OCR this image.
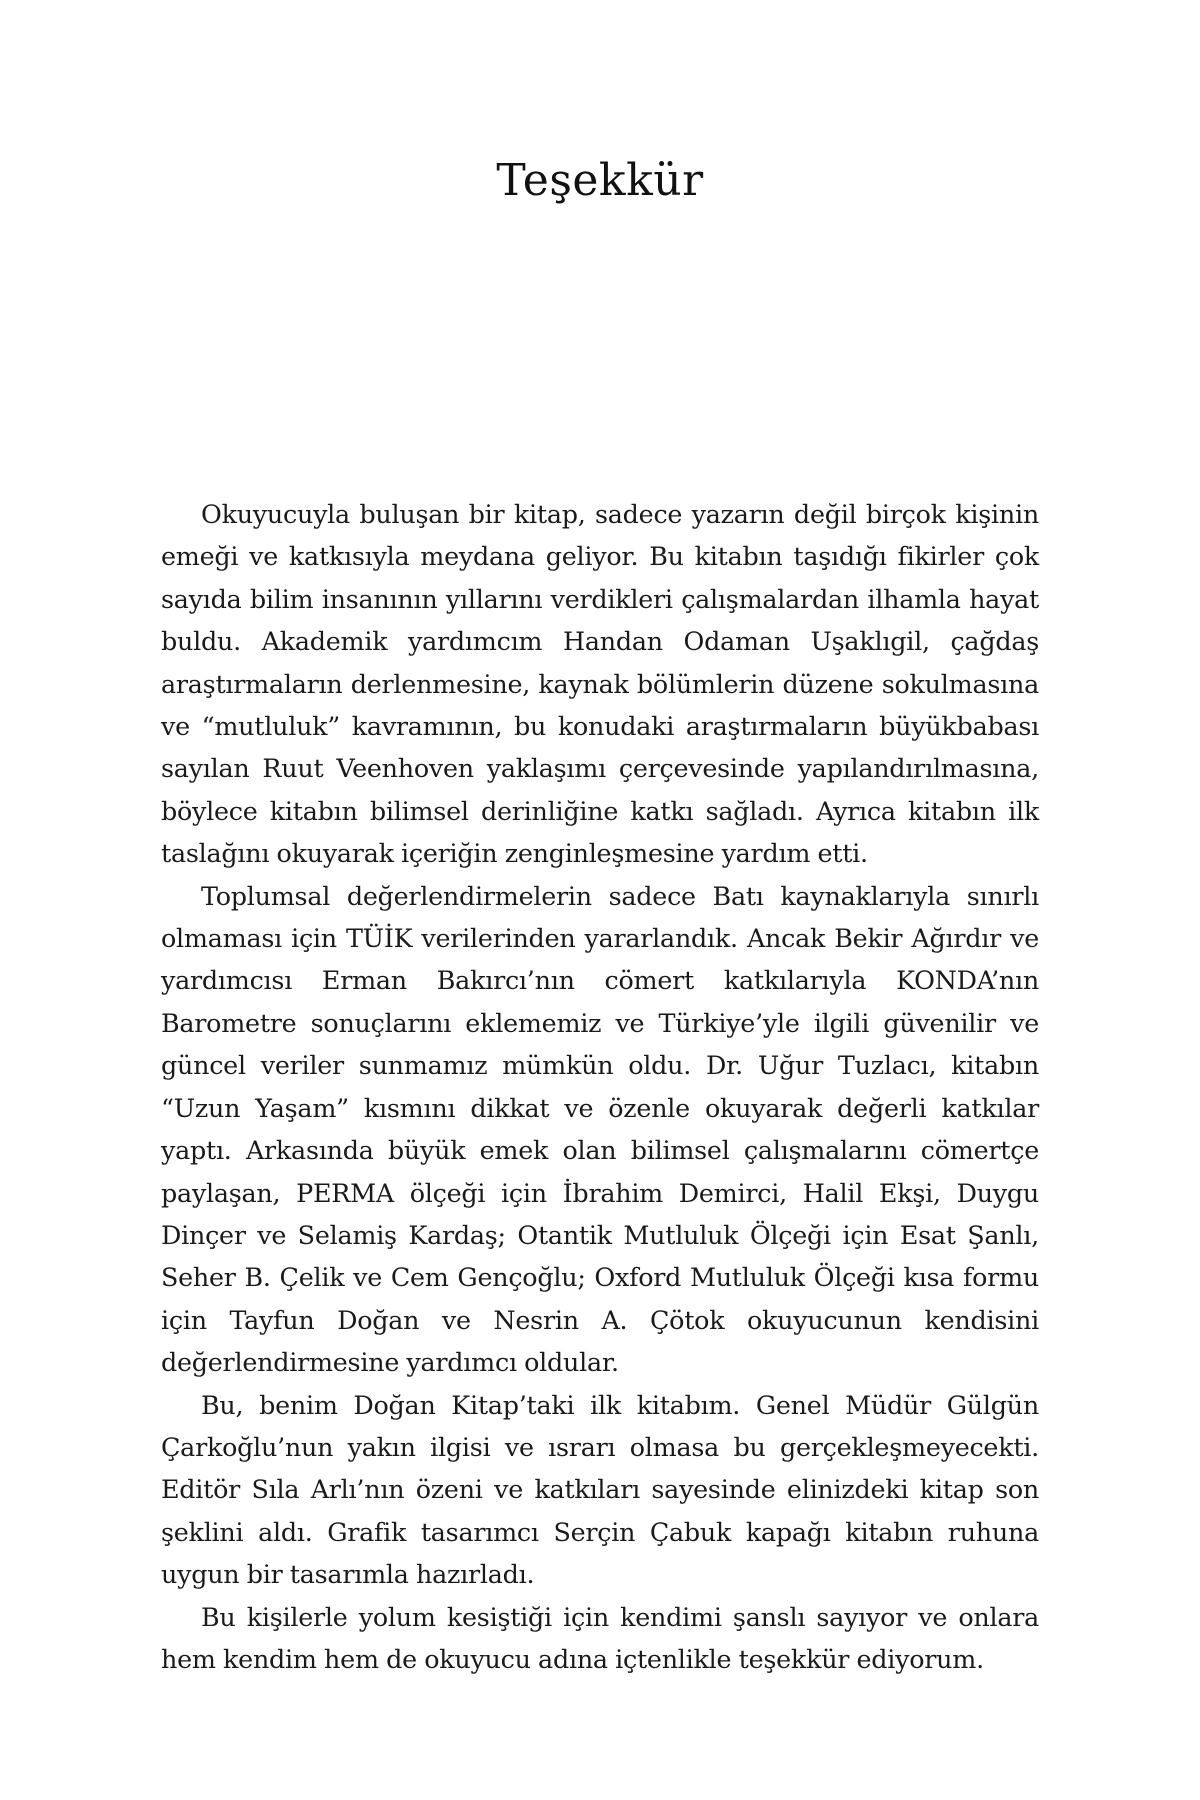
Teşekkür

Okuyucuyla buluşan bir kitap, sadece yazarın değil birçok kişinin emeği ve katkısıyla meydana geliyor. Bu kitabın taşıdığı fikirler çok sayıda bilim insanının yıllarını verdikleri çalışmalardan ilhamla hayat buldu. Akademik yardımcım Handan Odaman Uşaklıgil, çağdaş araştırmaların derlenmesine, kaynak bölümlerin düzene sokulmasına ve “mutluluk” kavramının, bu konudaki araştırmaların büyükbabası sayılan Ruut Veenhoven yaklaşımı çerçevesinde yapılandırılmasına, böylece kitabın bilimsel derinliğine katkı sağladı. Ayrıca kitabın ilk taslağını okuyarak içeriğin zenginleşmesine yardım etti.

Toplumsal değerlendirmelerin sadece Batı kaynaklarıyla sınırlı olmaması için TÜİK verilerinden yararlandık. Ancak Bekir Ağırdır ve yardımcısı Erman Bakırcı’nın cömert katkılarıyla KONDA’nın Barometre sonuçlarını eklememiz ve Türkiye’yle ilgili güvenilir ve güncel veriler sunmamız mümkün oldu. Dr. Uğur Tuzlacı, kitabın “Uzun Yaşam” kısmını dikkat ve özenle okuyarak değerli katkılar yaptı. Arkasında büyük emek olan bilimsel çalışmalarını cömertçe paylaşan, PERMA ölçeği için İbrahim Demirci, Halil Ekşi, Duygu Dinçer ve Selamiş Kardaş; Otantik Mutluluk Ölçeği için Esat Şanlı, Seher B. Çelik ve Cem Gençoğlu; Oxford Mutluluk Ölçeği kısa formu için Tayfun Doğan ve Nesrin A. Çötok okuyucunun kendisini değerlendirmesine yardımcı oldular.

Bu, benim Doğan Kitap’taki ilk kitabım. Genel Müdür Gülgün Çarkoğlu’nun yakın ilgisi ve ısrarı olmasa bu gerçekleşmeyecekti. Editör Sıla Arlı’nın özeni ve katkıları sayesinde elinizdeki kitap son şeklini aldı. Grafik tasarımcı Serçin Çabuk kapağı kitabın ruhuna uygun bir tasarımla hazırladı.

Bu kişilerle yolum kesiştiği için kendimi şanslı sayıyor ve onlara hem kendim hem de okuyucu adına içtenlikle teşekkür ediyorum.
